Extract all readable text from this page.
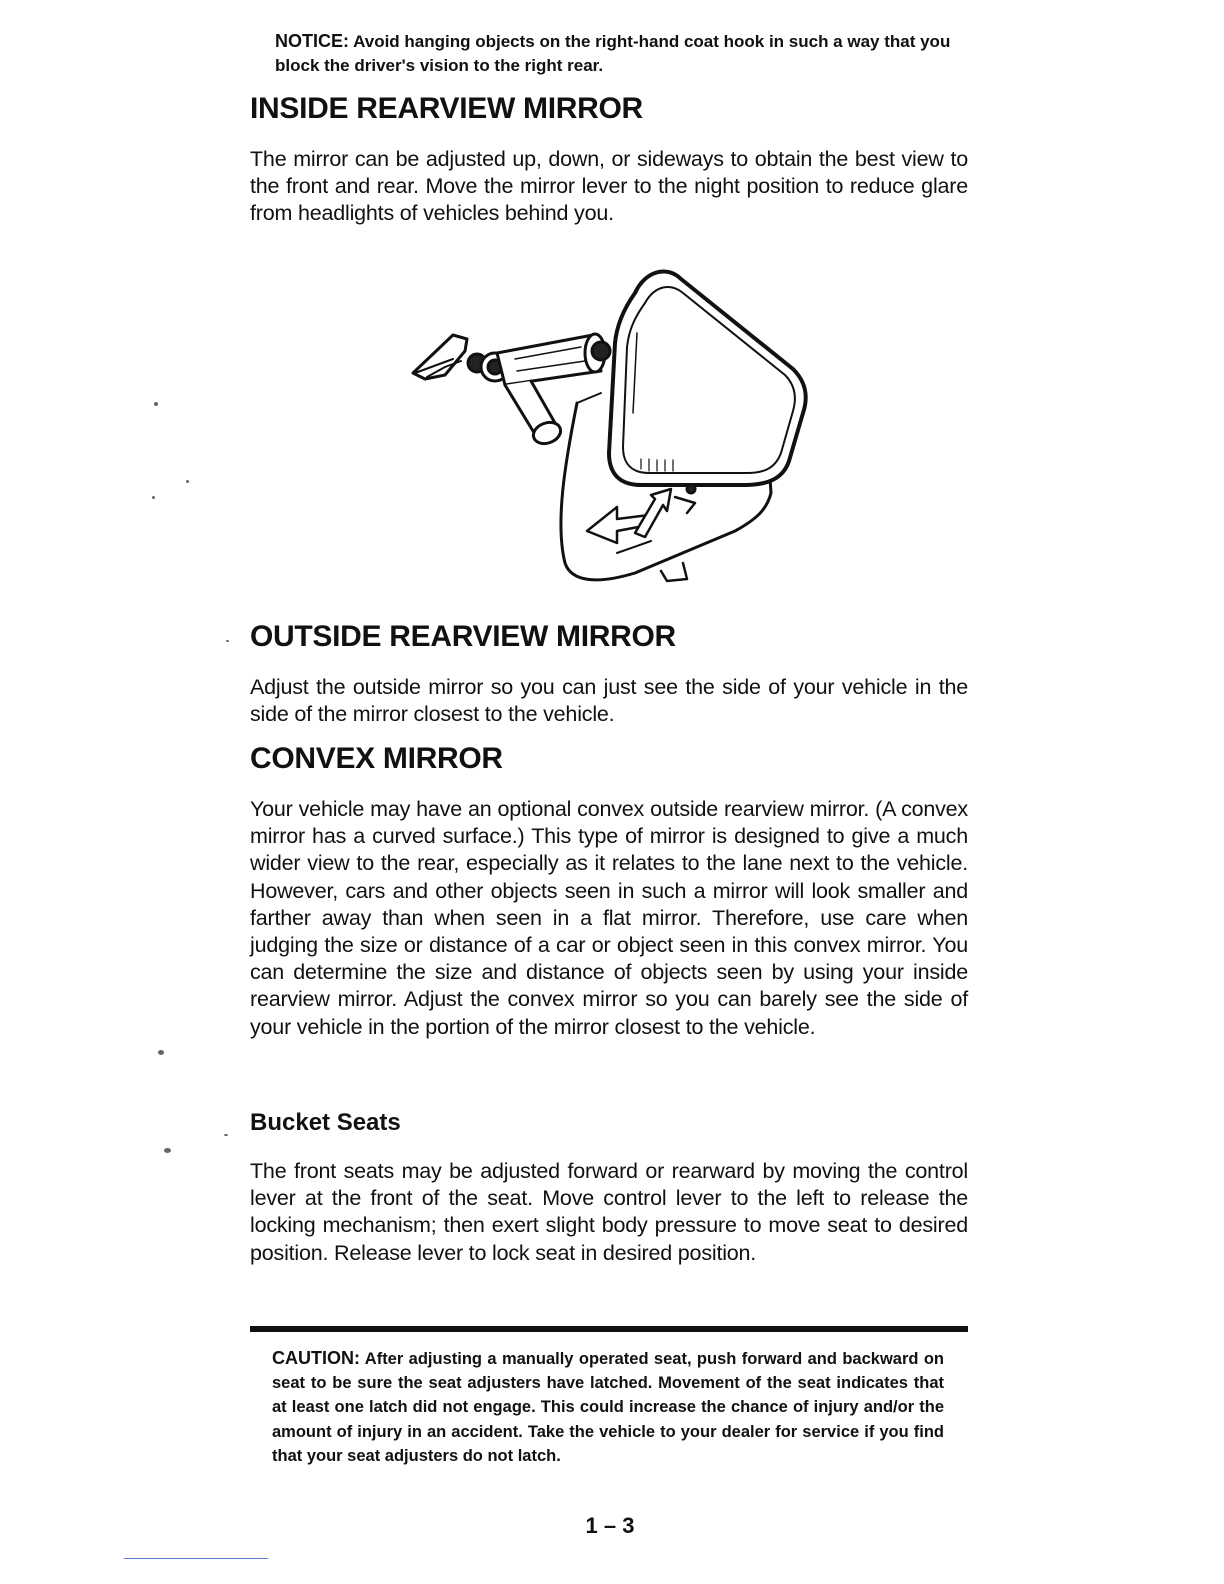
NOTICE: Avoid hanging objects on the right-hand coat hook in such a way that you block the driver's vision to the right rear.
INSIDE REARVIEW MIRROR
The mirror can be adjusted up, down, or sideways to obtain the best view to the front and rear. Move the mirror lever to the night position to reduce glare from headlights of vehicles behind you.
OUTSIDE REARVIEW MIRROR
Adjust the outside mirror so you can just see the side of your vehicle in the side of the mirror closest to the vehicle.
CONVEX MIRROR
Your vehicle may have an optional convex outside rearview mirror. (A convex mirror has a curved surface.) This type of mirror is designed to give a much wider view to the rear, especially as it relates to the lane next to the vehicle. However, cars and other objects seen in such a mirror will look smaller and farther away than when seen in a flat mirror. Therefore, use care when judging the size or distance of a car or object seen in this convex mirror. You can determine the size and distance of objects seen by using your inside rearview mirror. Adjust the convex mirror so you can barely see the side of your vehicle in the portion of the mirror closest to the vehicle.
Bucket Seats
The front seats may be adjusted forward or rearward by moving the control lever at the front of the seat. Move control lever to the left to release the locking mechanism; then exert slight body pressure to move seat to desired position. Release lever to lock seat in desired position.
CAUTION: After adjusting a manually operated seat, push forward and backward on seat to be sure the seat adjusters have latched. Movement of the seat indicates that at least one latch did not engage. This could increase the chance of injury and/or the amount of injury in an accident. Take the vehicle to your dealer for service if you find that your seat adjusters do not latch.
1 – 3
